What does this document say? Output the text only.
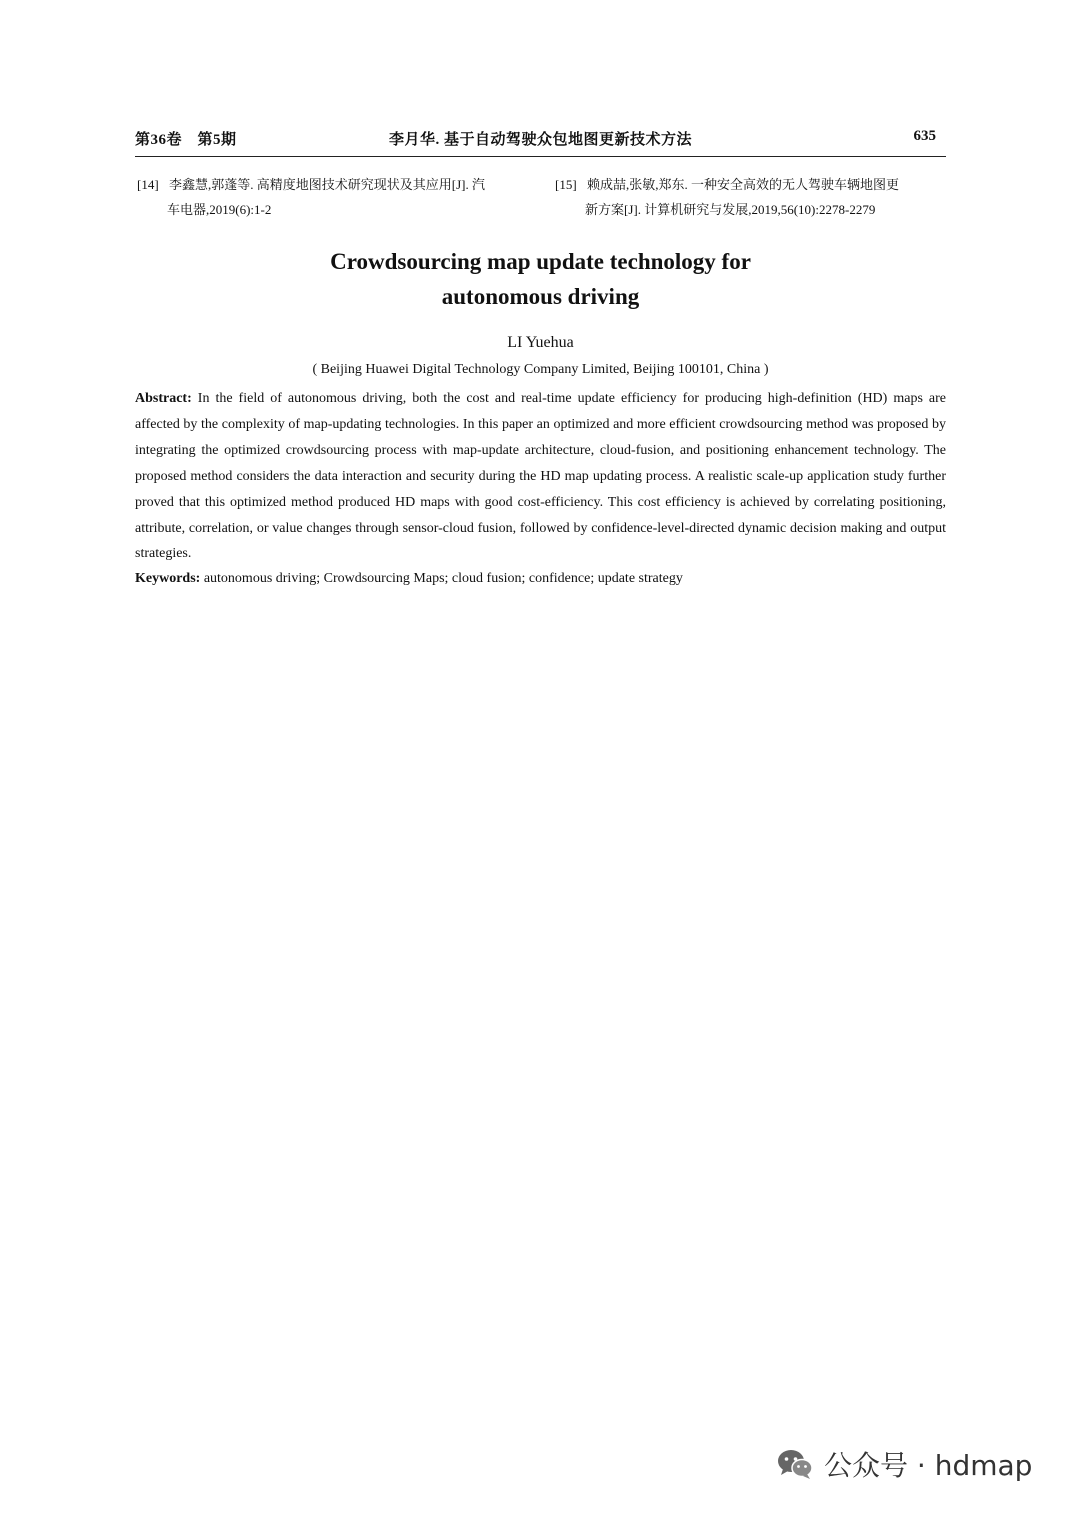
第36卷　第5期	李月华. 基于自动驾驶众包地图更新技术方法	635
[14] 李鑫慧,郭蓬等. 高精度地图技术研究现状及其应用[J]. 汽
车电器,2019(6):1-2
[15] 赖成喆,张敏,郑东. 一种安全高效的无人驾驶车辆地图更
新方案[J]. 计算机研究与发展,2019,56(10):2278-2279
Crowdsourcing map update technology for
autonomous driving
LI Yuehua
( Beijing Huawei Digital Technology Company Limited, Beijing 100101, China )
Abstract: In the field of autonomous driving, both the cost and real-time update efficiency for producing high-definition (HD) maps are affected by the complexity of map-updating technologies. In this paper an optimized and more efficient crowdsourcing method was proposed by integrating the optimized crowdsourcing process with map-update architecture, cloud-fusion, and positioning enhancement technology. The proposed method considers the data interaction and security during the HD map updating process. A realistic scale-up application study further proved that this optimized method produced HD maps with good cost-efficiency. This cost efficiency is achieved by correlating positioning, attribute, correlation, or value changes through sensor-cloud fusion, followed by confidence-level-directed dynamic decision making and output strategies.
Keywords: autonomous driving; Crowdsourcing Maps; cloud fusion; confidence; update strategy
公众号 · hdmap
